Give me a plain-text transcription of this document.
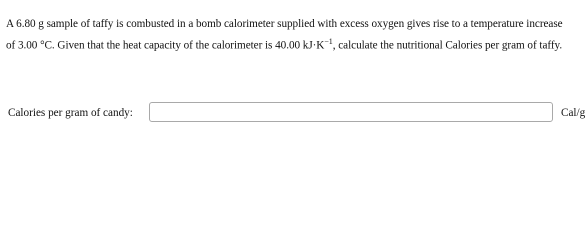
A 6.80 g sample of taffy is combusted in a bomb calorimeter supplied with excess oxygen gives rise to a temperature increase
of 3.00 °C. Given that the heat capacity of the calorimeter is 40.00 $kJ\cdot K^{-1}$, calculate the nutritional Calories per gram of taffy.
Calories per gram of candy:	Cal/g
